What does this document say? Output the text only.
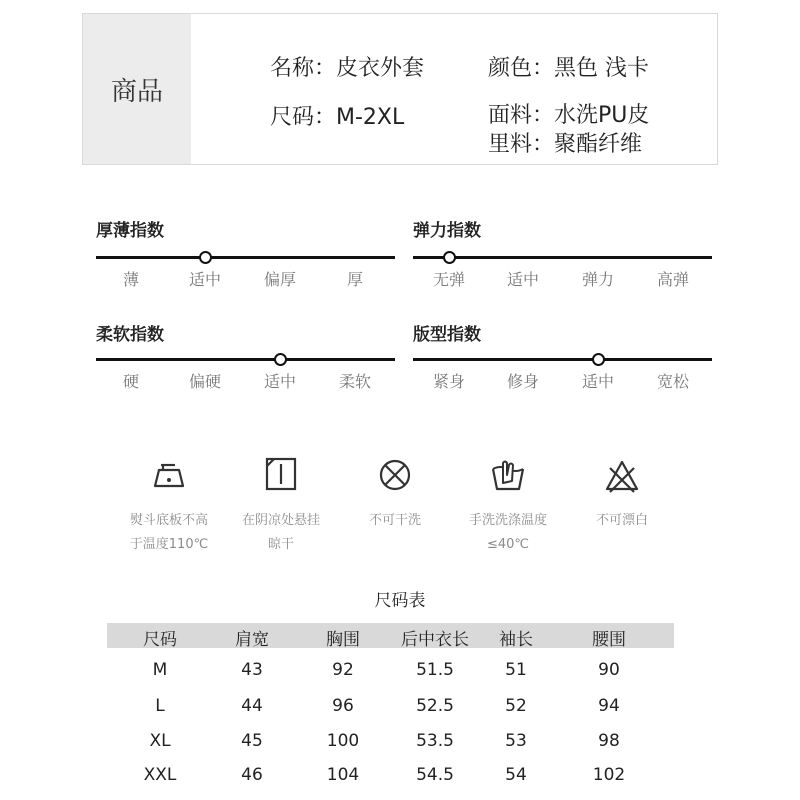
商品
名称：皮衣外套	颜色：黑色 浅卡
尺码：M-2XL	面料：水洗PU皮
里料：聚酯纤维
厚薄指数
薄	适中	偏厚	厚
弹力指数
无弹	适中	弹力	高弹
柔软指数
硬	偏硬	适中	柔软
版型指数
紧身	修身	适中	宽松
熨斗底板不高
于温度110℃
在阴凉处悬挂
晾干
不可干洗	手洗洗涤温度
≤40℃
不可漂白
尺码表
尺码	肩宽	胸围	后中衣长	袖长	腰围
M	43	92	51.5	51	90
L	44	96	52.5	52	94
XL	45	100	53.5	53	98
XXL	46	104	54.5	54	102
